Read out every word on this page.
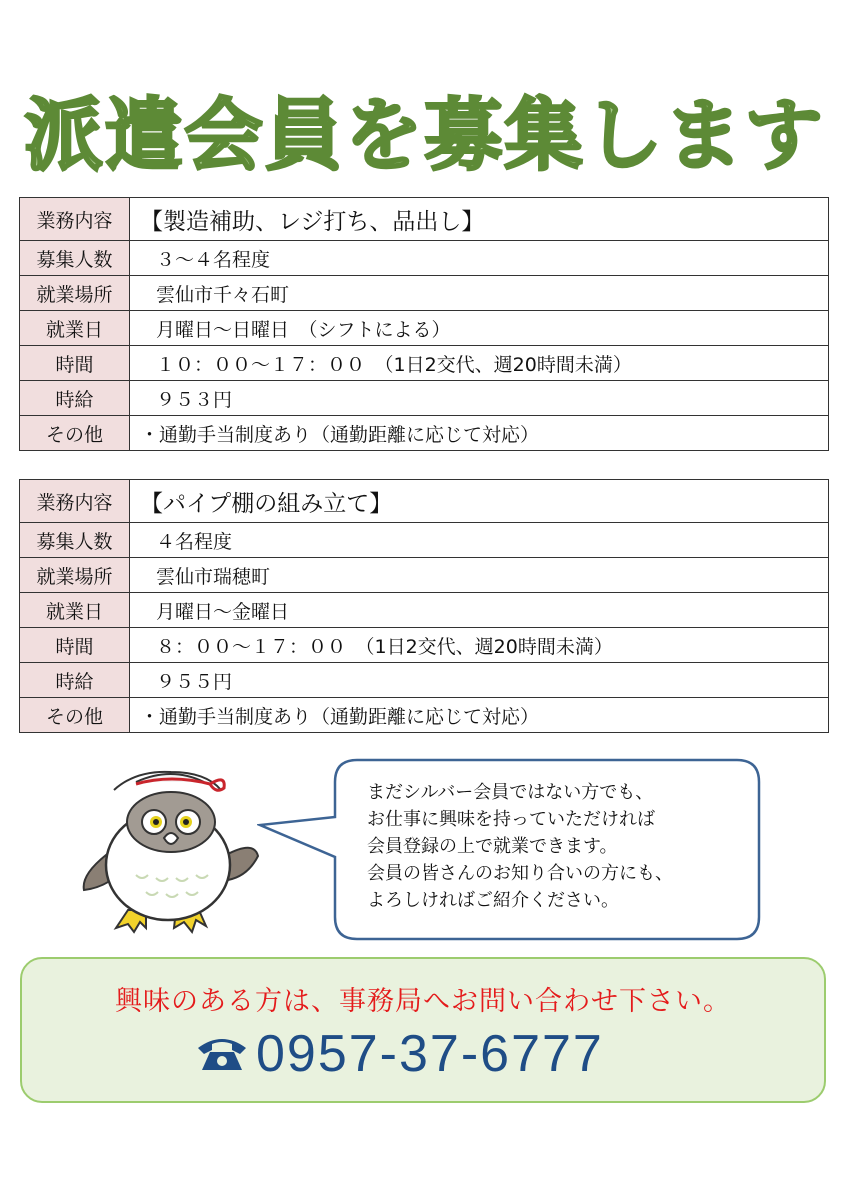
派遣会員を募集します
業務内容	【製造補助、レジ打ち、品出し】
募集人数	３～４名程度
就業場所	雲仙市千々石町
就業日	月曜日～日曜日　（シフトによる）
時間	１０：００～１７：００　（1日2交代、週20時間未満）
時給	９５３円
その他	・通勤手当制度あり（通勤距離に応じて対応）
業務内容	【パイプ棚の組み立て】
募集人数	４名程度
就業場所	雲仙市瑞穂町
就業日	月曜日～金曜日
時間	８：００～１７：００　（1日2交代、週20時間未満）
時給	９５５円
その他	・通勤手当制度あり（通勤距離に応じて対応）
まだシルバー会員ではない方でも、
お仕事に興味を持っていただければ
会員登録の上で就業できます。
会員の皆さんのお知り合いの方にも、
よろしければご紹介ください。
興味のある方は、事務局へお問い合わせ下さい。
0957-37-6777
